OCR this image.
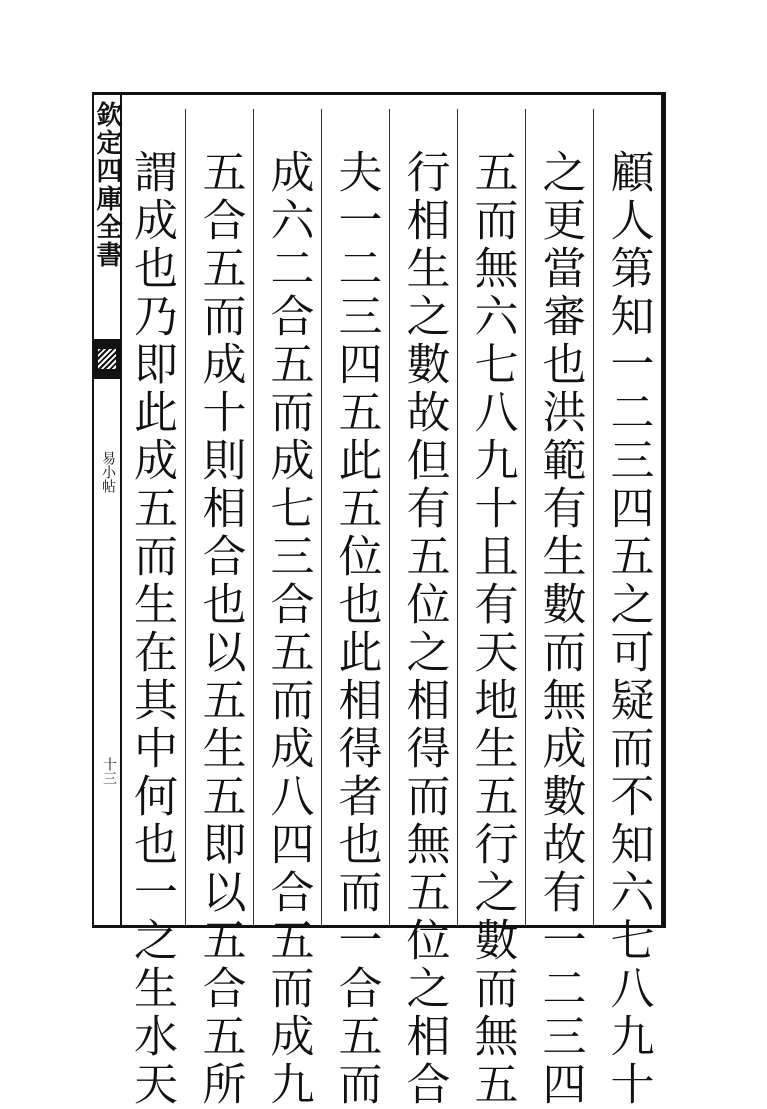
欽定四庫全書
易小帖
十三	顧人第知一二三四五之可疑而不知六七八九十
之更當審也洪範有生數而無成數故有一二三四
五而無六七八九十且有天地生五行之數而無五
行相生之數故但有五位之相得而無五位之相合
夫一二三四五此五位也此相得者也而一合五而
成六二合五而成七三合五而成八四合五而成九
五合五而成十則相合也以五生五即以五合五所
謂成也乃即此成五而生在其中何也一之生水天
